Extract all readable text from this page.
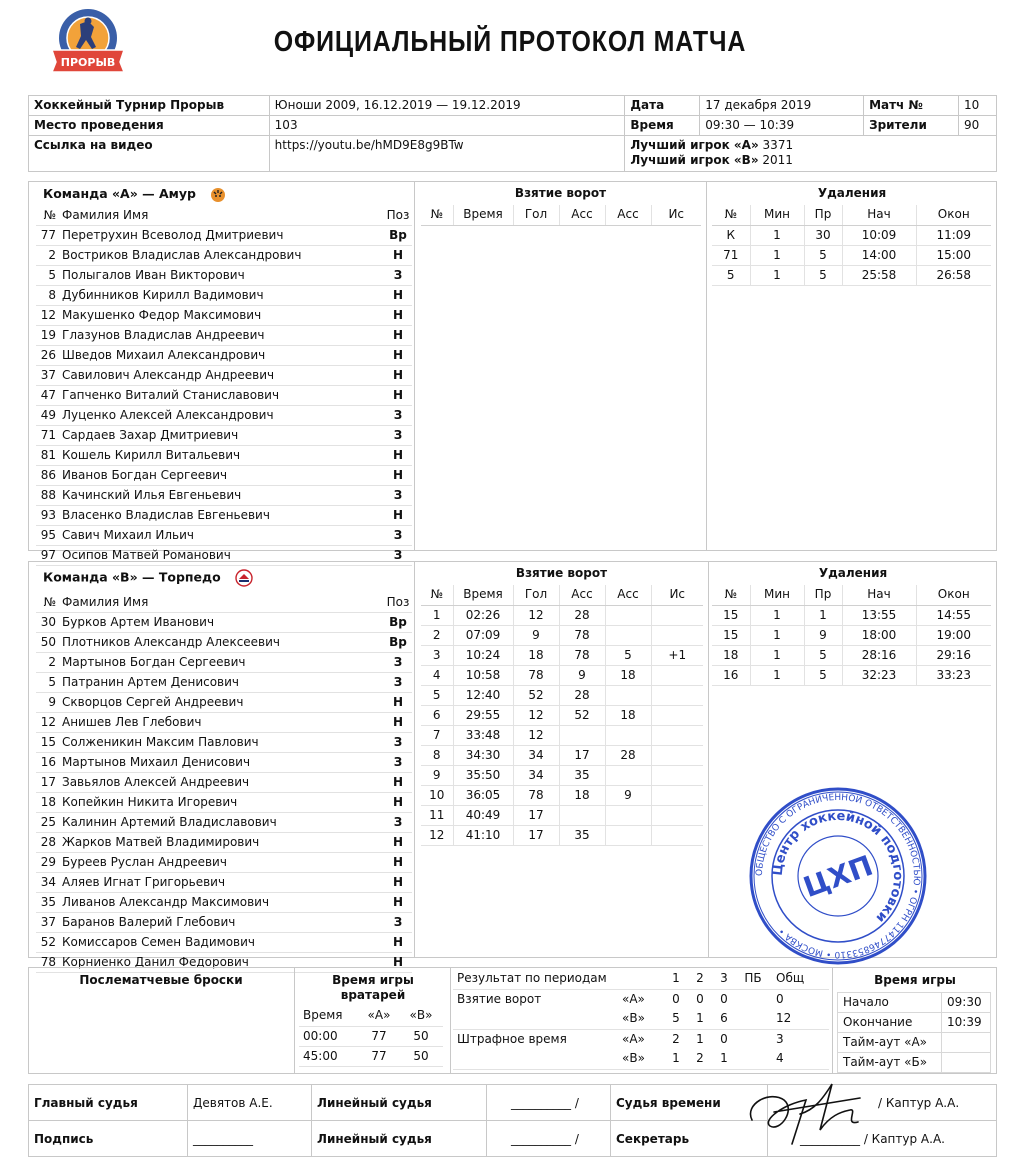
ПРОРЫВ
ОФИЦИАЛЬНЫЙ ПРОТОКОЛ МАТЧА
Хоккейный Турнир Прорыв	Юноши 2009, 16.12.2019 — 19.12.2019	Дата	17 декабря 2019	Матч №	10
Место проведения	103	Время	09:30 — 10:39	Зрители	90
Ссылка на видео	https://youtu.be/hMD9E8g9BTw	Лучший игрок «А» 3371
Лучший игрок «В» 2011			
Команда «А» — Амур
№	Фамилия Имя	Поз
77	Перетрухин Всеволод Дмитриевич	Вр
2	Востриков Владислав Александрович	Н
5	Полыгалов Иван Викторович	З
8	Дубинников Кирилл Вадимович	Н
12	Макушенко Федор Максимович	Н
19	Глазунов Владислав Андреевич	Н
26	Шведов Михаил Александрович	Н
37	Савилович Александр Андреевич	Н
47	Гапченко Виталий Станиславович	Н
49	Луценко Алексей Александрович	З
71	Сардаев Захар Дмитриевич	З
81	Кошель Кирилл Витальевич	Н
86	Иванов Богдан Сергеевич	Н
88	Качинский Илья Евгеньевич	З
93	Власенко Владислав Евгеньевич	Н
95	Савич Михаил Ильич	З
97	Осипов Матвей Романович	З
Взятие ворот
№	Время	Гол	Асс	Асс	Ис
Удаления
№	Мин	Пр	Нач	Окон
К	1	30	10:09	11:09
71	1	5	14:00	15:00
5	1	5	25:58	26:58
Команда «В» — Торпедо
№	Фамилия Имя	Поз
30	Бурков Артем Иванович	Вр
50	Плотников Александр Алексеевич	Вр
2	Мартынов Богдан Сергеевич	З
5	Патранин Артем Денисович	З
9	Скворцов Сергей Андреевич	Н
12	Анишев Лев Глебович	Н
15	Солженикин Максим Павлович	З
16	Мартынов Михаил Денисович	З
17	Завьялов Алексей Андреевич	Н
18	Копейкин Никита Игоревич	Н
25	Калинин Артемий Владиславович	З
28	Жарков Матвей Владимирович	Н
29	Буреев Руслан Андреевич	Н
34	Аляев Игнат Григорьевич	Н
35	Ливанов Александр Максимович	Н
37	Баранов Валерий Глебович	З
52	Комиссаров Семен Вадимович	Н
78	Корниенко Данил Федорович	Н
Взятие ворот
№	Время	Гол	Асс	Асс	Ис
1	02:26	12	28		
2	07:09	9	78		
3	10:24	18	78	5	+1
4	10:58	78	9	18	
5	12:40	52	28		
6	29:55	12	52	18	
7	33:48	12			
8	34:30	34	17	28	
9	35:50	34	35		
10	36:05	78	18	9	
11	40:49	17			
12	41:10	17	35		
Удаления
№	Мин	Пр	Нач	Окон
15	1	1	13:55	14:55
15	1	9	18:00	19:00
18	1	5	28:16	29:16
16	1	5	32:23	33:23
ОБЩЕСТВО С ОГРАНИЧЕННОЙ ОТВЕТСТВЕННОСТЬЮ • ОГРН 1147746853310 • МОСКВА •
Центр хоккейной подготовки
ЦХП
Послематчевые броски	Время игры вратарей
Время	«А»	«В»
00:00	77	50
45:00	77	50
Результат по периодам		1	2	3	ПБ	Общ
Взятие ворот	«А»	0	0	0		0
	«В»	5	1	6		12
Штрафное время	«А»	2	1	0		3
	«В»	1	2	1		4
Время игры
Начало	09:30
Окончание	10:39
Тайм-аут «А»	
Тайм-аут «Б»	
Главный судья	Девятов А.Е.	Линейный судья	__________ /	Судья времени	/ Каптур А.А.
Подпись	__________	Линейный судья	__________ /	Секретарь	__________ / Каптур А.А.
